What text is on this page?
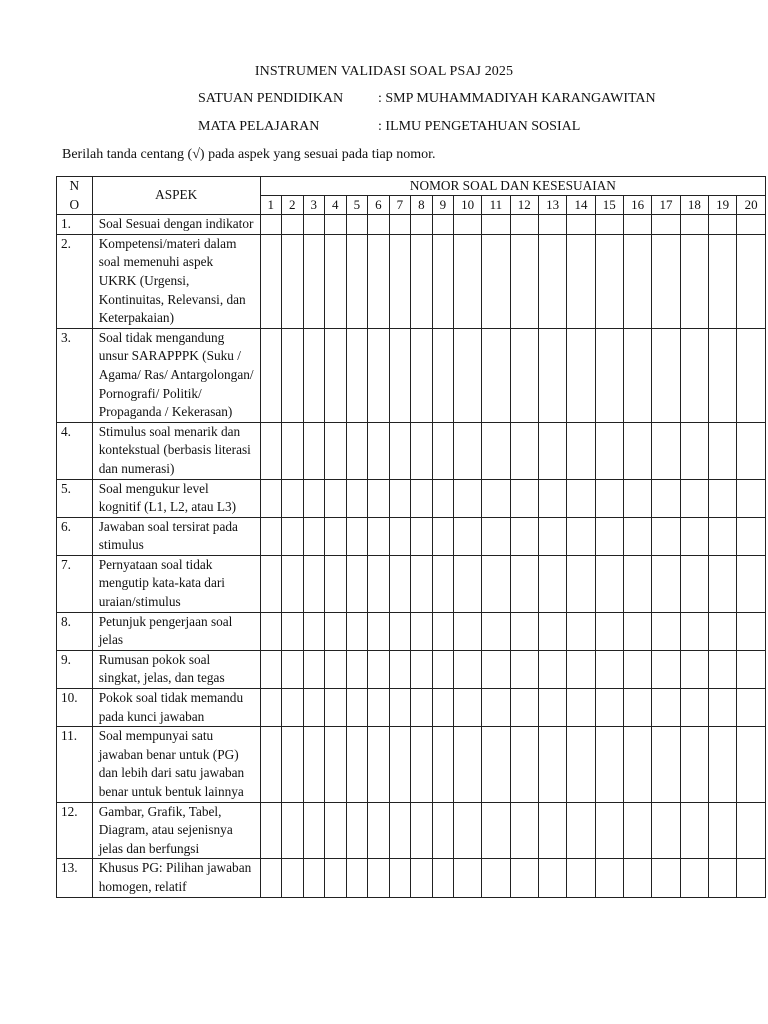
INSTRUMEN VALIDASI SOAL PSAJ 2025
SATUAN PENDIDIKAN : SMP MUHAMMADIYAH KARANGAWITAN
MATA PELAJARAN	: ILMU PENGETAHUAN SOSIAL
Berilah tanda centang (√) pada aspek yang sesuai pada tiap nomor.
N
O	ASPEK	NOMOR SOAL DAN KESESUAIAN																			
		1	2	3	4	5	6	7	8	9	10	11	12	13	14	15	16	17	18	19	20
1.	Soal Sesuai dengan indikator																				
2.	Kompetensi/materi dalam soal memenuhi aspek UKRK (Urgensi, Kontinuitas, Relevansi, dan Keterpakaian)																				
3.	Soal tidak mengandung unsur SARAPPPK (Suku / Agama/ Ras/ Antargolongan/ Pornografi/ Politik/ Propaganda / Kekerasan)																				
4.	Stimulus soal menarik dan kontekstual (berbasis literasi dan numerasi)																				
5.	Soal mengukur level kognitif (L1, L2, atau L3)																				
6.	Jawaban soal tersirat pada stimulus																				
7.	Pernyataan soal tidak mengutip kata-kata dari uraian/stimulus																				
8.	Petunjuk pengerjaan soal jelas																				
9.	Rumusan pokok soal singkat, jelas, dan tegas																				
10.	Pokok soal tidak memandu pada kunci jawaban																				
11.	Soal mempunyai satu jawaban benar untuk (PG) dan lebih dari satu jawaban benar untuk bentuk lainnya																				
12.	Gambar, Grafik, Tabel, Diagram, atau sejenisnya jelas dan berfungsi																				
13.	Khusus PG: Pilihan jawaban homogen, relatif																				
